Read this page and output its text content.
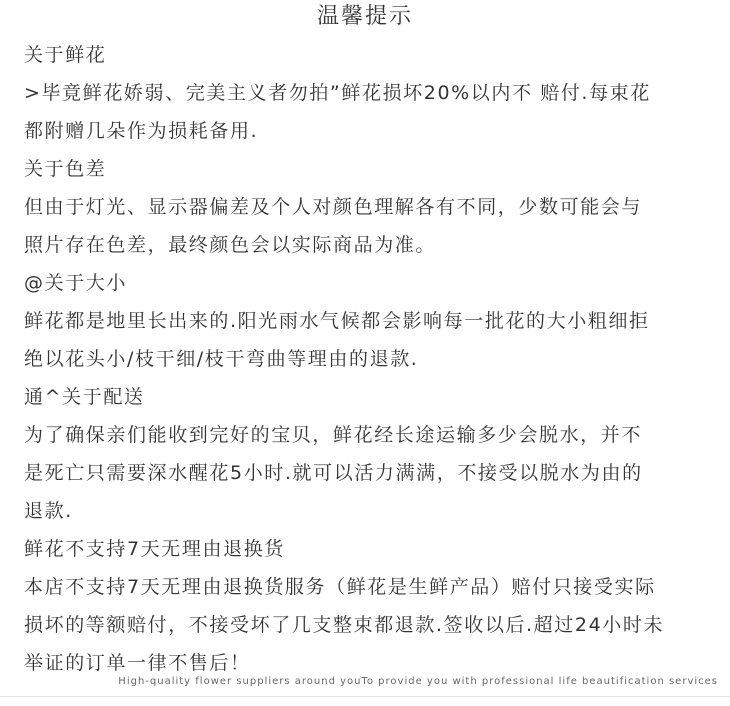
温馨提示
关于鲜花
>毕竟鲜花娇弱、完美主义者勿拍”鲜花损坏20%以内不 赔付.每束花
都附赠几朵作为损耗备用.
关于色差
但由于灯光、显示器偏差及个人对颜色理解各有不同，少数可能会与
照片存在色差，最终颜色会以实际商品为准。
@关于大小
鲜花都是地里长出来的.阳光雨水气候都会影响每一批花的大小粗细拒
绝以花头小/枝干细/枝干弯曲等理由的退款.
通^关于配送
为了确保亲们能收到完好的宝贝，鲜花经长途运输多少会脱水，并不
是死亡只需要深水醒花5小时.就可以活力满满，不接受以脱水为由的
退款.
鲜花不支持7天无理由退换货
本店不支持7天无理由退换货服务（鲜花是生鲜产品）赔付只接受实际
损坏的等额赔付，不接受坏了几支整束都退款.签收以后.超过24小时未
举证的订单一律不售后！
High-quality flower suppliers around youTo provide you with professional life beautification services
